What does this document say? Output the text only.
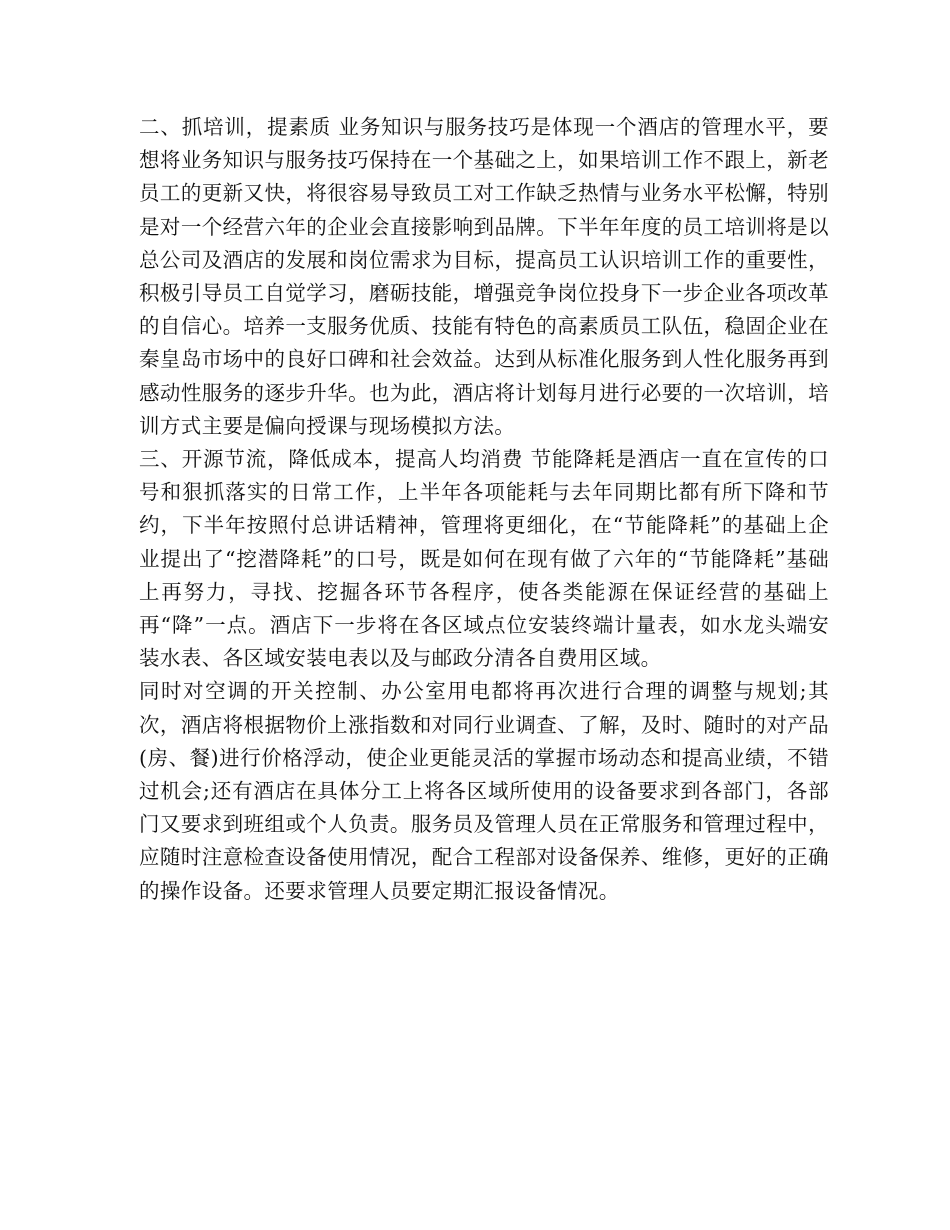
二、抓培训，提素质 业务知识与服务技巧是体现一个酒店的管理水平，要想将业务知识与服务技巧保持在一个基础之上，如果培训工作不跟上，新老员工的更新又快，将很容易导致员工对工作缺乏热情与业务水平松懈，特别是对一个经营六年的企业会直接影响到品牌。下半年年度的员工培训将是以总公司及酒店的发展和岗位需求为目标，提高员工认识培训工作的重要性，积极引导员工自觉学习，磨砺技能，增强竞争岗位投身下一步企业各项改革的自信心。培养一支服务优质、技能有特色的高素质员工队伍，稳固企业在秦皇岛市场中的良好口碑和社会效益。达到从标准化服务到人性化服务再到感动性服务的逐步升华。也为此，酒店将计划每月进行必要的一次培训，培训方式主要是偏向授课与现场模拟方法。

三、开源节流，降低成本，提高人均消费 节能降耗是酒店一直在宣传的口号和狠抓落实的日常工作，上半年各项能耗与去年同期比都有所下降和节约，下半年按照付总讲话精神，管理将更细化，在“节能降耗”的基础上企业提出了“挖潜降耗”的口号，既是如何在现有做了六年的“节能降耗”基础上再努力，寻找、挖掘各环节各程序，使各类能源在保证经营的基础上再“降”一点。酒店下一步将在各区域点位安装终端计量表，如水龙头端安装水表、各区域安装电表以及与邮政分清各自费用区域。

同时对空调的开关控制、办公室用电都将再次进行合理的调整与规划;其次，酒店将根据物价上涨指数和对同行业调查、了解，及时、随时的对产品(房、餐)进行价格浮动，使企业更能灵活的掌握市场动态和提高业绩，不错过机会;还有酒店在具体分工上将各区域所使用的设备要求到各部门，各部门又要求到班组或个人负责。服务员及管理人员在正常服务和管理过程中，应随时注意检查设备使用情况，配合工程部对设备保养、维修，更好的正确的操作设备。还要求管理人员要定期汇报设备情况。
